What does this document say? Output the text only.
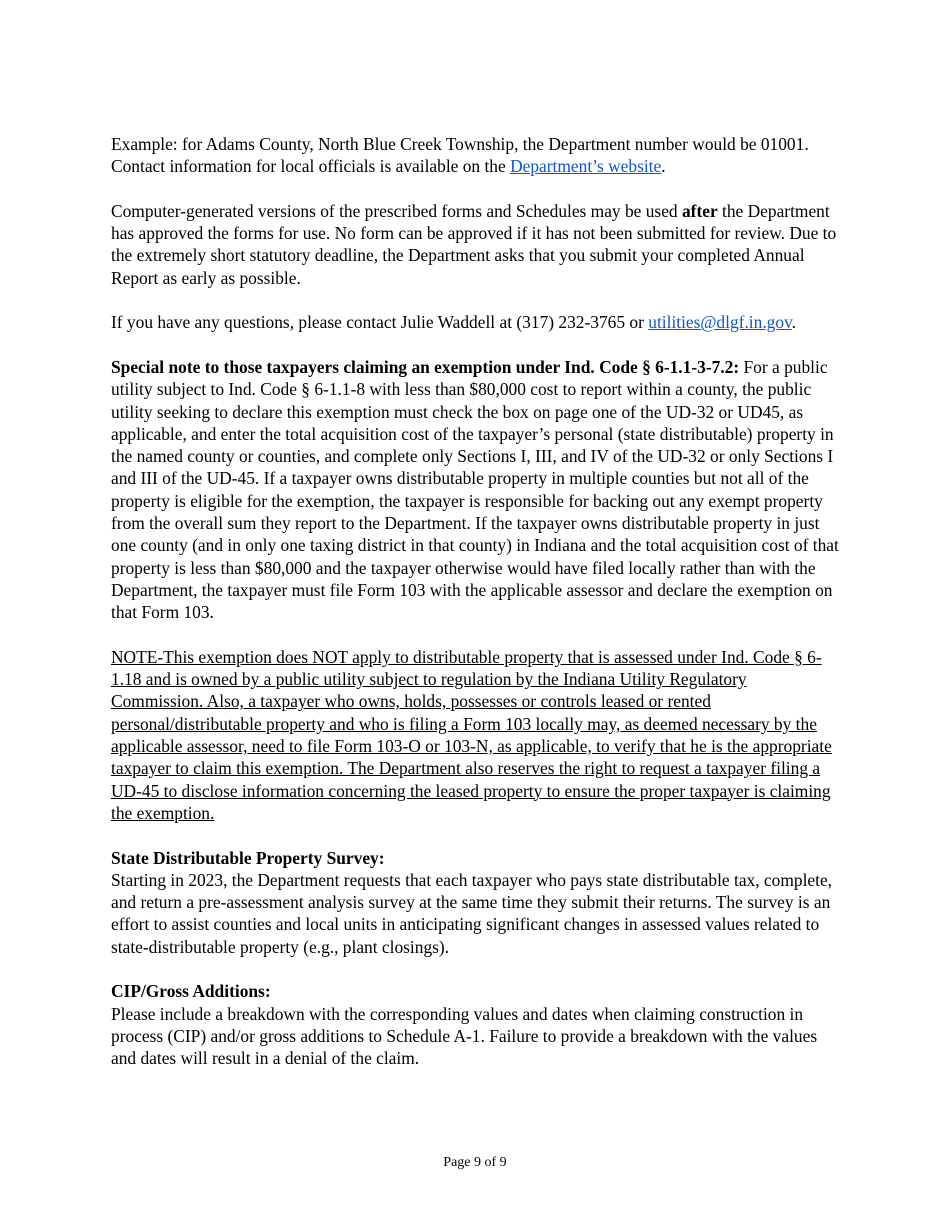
Example: for Adams County, North Blue Creek Township, the Department number would be 01001. Contact information for local officials is available on the Department’s website.

Computer-generated versions of the prescribed forms and Schedules may be used after the Department has approved the forms for use. No form can be approved if it has not been submitted for review. Due to the extremely short statutory deadline, the Department asks that you submit your completed Annual Report as early as possible.

If you have any questions, please contact Julie Waddell at (317) 232-3765 or utilities@dlgf.in.gov.

Special note to those taxpayers claiming an exemption under Ind. Code § 6-1.1-3-7.2: For a public utility subject to Ind. Code § 6-1.1-8 with less than $80,000 cost to report within a county, the public utility seeking to declare this exemption must check the box on page one of the UD-32 or UD45, as applicable, and enter the total acquisition cost of the taxpayer’s personal (state distributable) property in the named county or counties, and complete only Sections I, III, and IV of the UD-32 or only Sections I and III of the UD-45. If a taxpayer owns distributable property in multiple counties but not all of the property is eligible for the exemption, the taxpayer is responsible for backing out any exempt property from the overall sum they report to the Department. If the taxpayer owns distributable property in just one county (and in only one taxing district in that county) in Indiana and the total acquisition cost of that property is less than $80,000 and the taxpayer otherwise would have filed locally rather than with the Department, the taxpayer must file Form 103 with the applicable assessor and declare the exemption on that Form 103.

NOTE-This exemption does NOT apply to distributable property that is assessed under Ind. Code § 6-1.18 and is owned by a public utility subject to regulation by the Indiana Utility Regulatory Commission. Also, a taxpayer who owns, holds, possesses or controls leased or rented personal/distributable property and who is filing a Form 103 locally may, as deemed necessary by the applicable assessor, need to file Form 103-O or 103-N, as applicable, to verify that he is the appropriate taxpayer to claim this exemption. The Department also reserves the right to request a taxpayer filing a UD-45 to disclose information concerning the leased property to ensure the proper taxpayer is claiming the exemption.

State Distributable Property Survey:
Starting in 2023, the Department requests that each taxpayer who pays state distributable tax, complete, and return a pre-assessment analysis survey at the same time they submit their returns. The survey is an effort to assist counties and local units in anticipating significant changes in assessed values related to state-distributable property (e.g., plant closings).

CIP/Gross Additions:
Please include a breakdown with the corresponding values and dates when claiming construction in process (CIP) and/or gross additions to Schedule A-1. Failure to provide a breakdown with the values and dates will result in a denial of the claim.

Page 9 of 9
